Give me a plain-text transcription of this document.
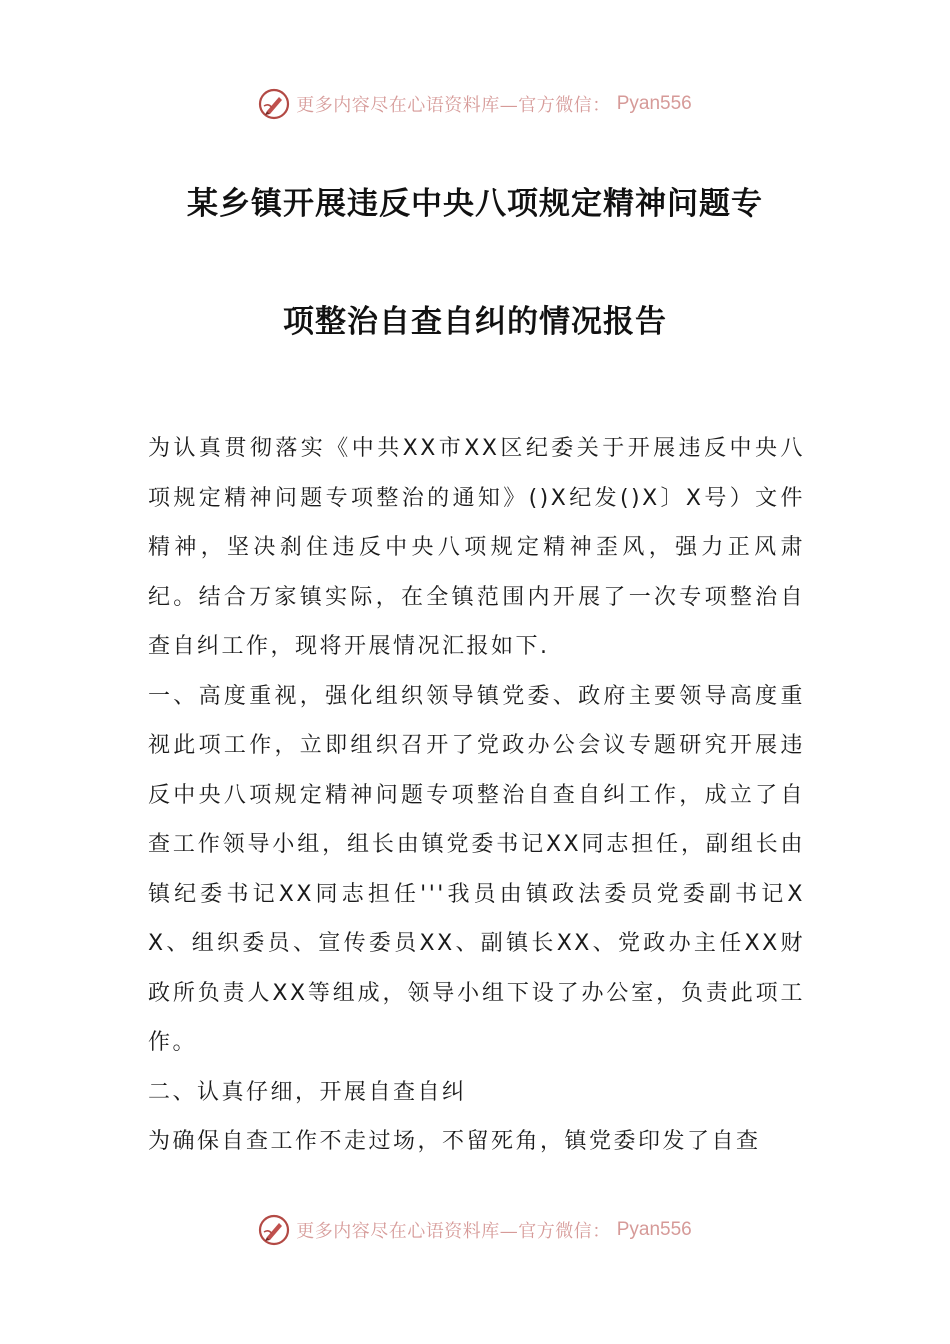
更多内容尽在心语资料库—官方微信： Pyan556
某乡镇开展违反中央八项规定精神问题专
项整治自查自纠的情况报告

为认真贯彻落实《中共XX市XX区纪委关于开展违反中央八项规定精神问题专项整治的通知》()X纪发()X〕X号）文件精神，坚决刹住违反中央八项规定精神歪风，强力正风肃纪。结合万家镇实际，在全镇范围内开展了一次专项整治自查自纠工作，现将开展情况汇报如下.

一、高度重视，强化组织领导镇党委、政府主要领导高度重视此项工作，立即组织召开了党政办公会议专题研究开展违反中央八项规定精神问题专项整治自查自纠工作，成立了自查工作领导小组，组长由镇党委书记XX同志担任，副组长由镇纪委书记XX同志担任'''我员由镇政法委员党委副书记XX、组织委员、宣传委员XX、副镇长XX、党政办主任XX财政所负责人XX等组成，领导小组下设了办公室，负责此项工作。

二、认真仔细，开展自查自纠

为确保自查工作不走过场，不留死角，镇党委印发了自查

更多内容尽在心语资料库—官方微信： Pyan556
